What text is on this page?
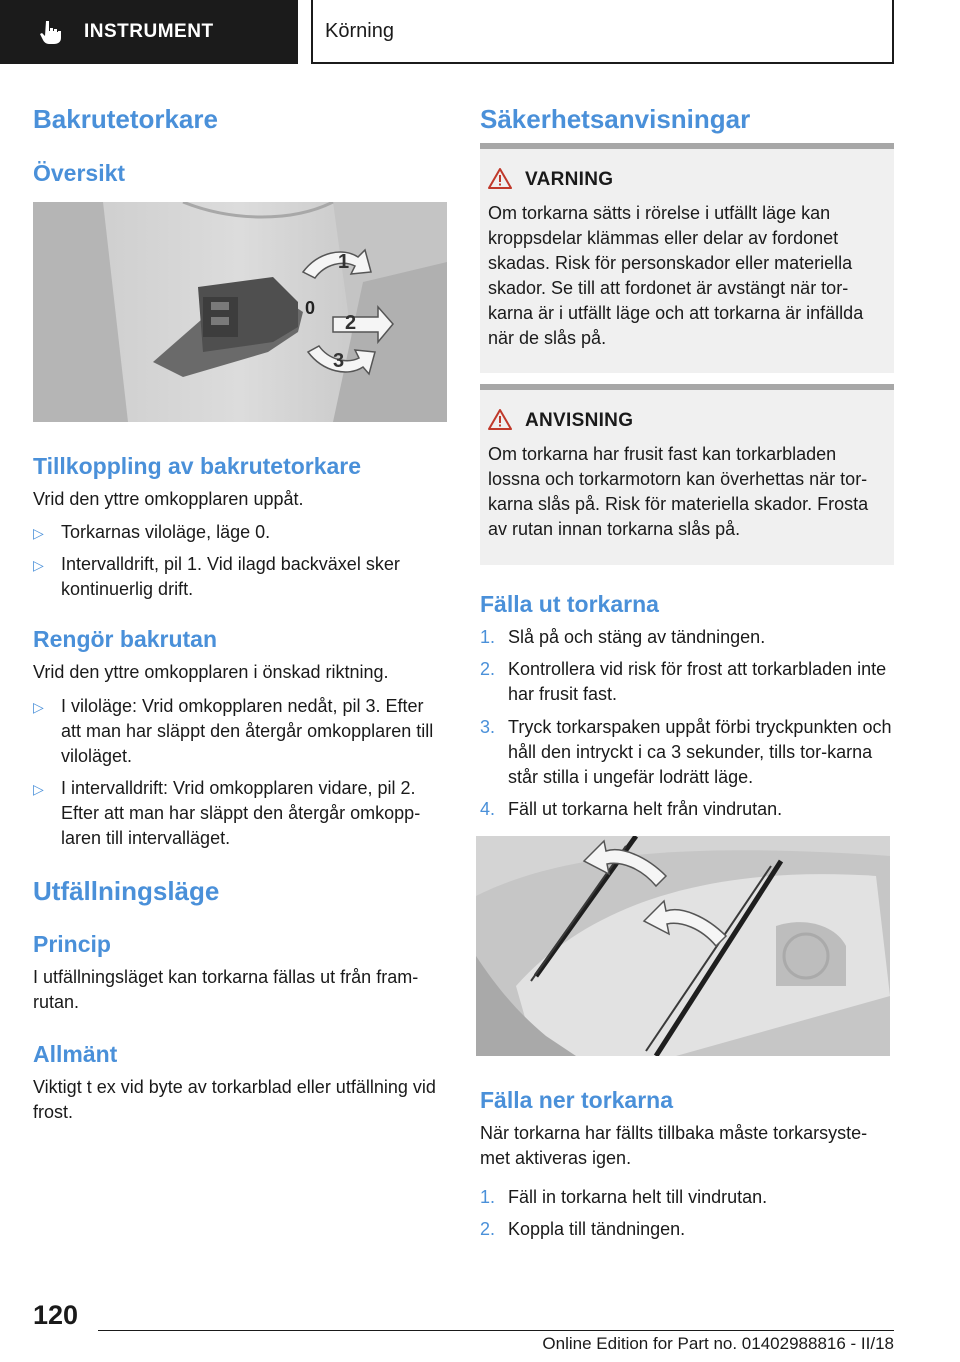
INSTRUMENT	Körning
Bakrutetorkare
Översikt
1
0
2
3
Tillkoppling av bakrutetorkare

Vrid den yttre omkopplaren uppåt.

▷ Torkarnas viloläge, läge 0.
▷ Intervalldrift, pil 1. Vid ilagd backväxel sker kontinuerlig drift.
Rengör bakrutan

Vrid den yttre omkopplaren i önskad riktning.

▷ I viloläge: Vrid omkopplaren nedåt, pil 3. Efter att man har släppt den återgår omkopplaren till viloläget.
▷ I intervalldrift: Vrid omkopplaren vidare, pil 2. Efter att man har släppt den återgår omkopp-laren till intervalläget.
Utfällningsläge
Princip

I utfällningsläget kan torkarna fällas ut från fram-rutan.

Allmänt

Viktigt t ex vid byte av torkarblad eller utfällning vid frost.

Säkerhetsanvisningar
VARNING
Om torkarna sätts i rörelse i utfällt läge kan kroppsdelar klämmas eller delar av fordonet skadas. Risk för personskador eller materiella skador. Se till att fordonet är avstängt när tor-karna är i utfällt läge och att torkarna är infällda när de slås på.
ANVISNING
Om torkarna har frusit fast kan torkarbladen lossna och torkarmotorn kan överhettas när tor-karna slås på. Risk för materiella skador. Frosta av rutan innan torkarna slås på.
Fälla ut torkarna
1. Slå på och stäng av tändningen.
2. Kontrollera vid risk för frost att torkarbladen inte har frusit fast.
3. Tryck torkarspaken uppåt förbi tryckpunkten och håll den intryckt i ca 3 sekunder, tills tor-karna står stilla i ungefär lodrätt läge.
4. Fäll ut torkarna helt från vindrutan.
Fälla ner torkarna

När torkarna har fällts tillbaka måste torkarsyste-met aktiveras igen.

1. Fäll in torkarna helt till vindrutan.
2. Koppla till tändningen.
120
Online Edition for Part no. 01402988816 - II/18
